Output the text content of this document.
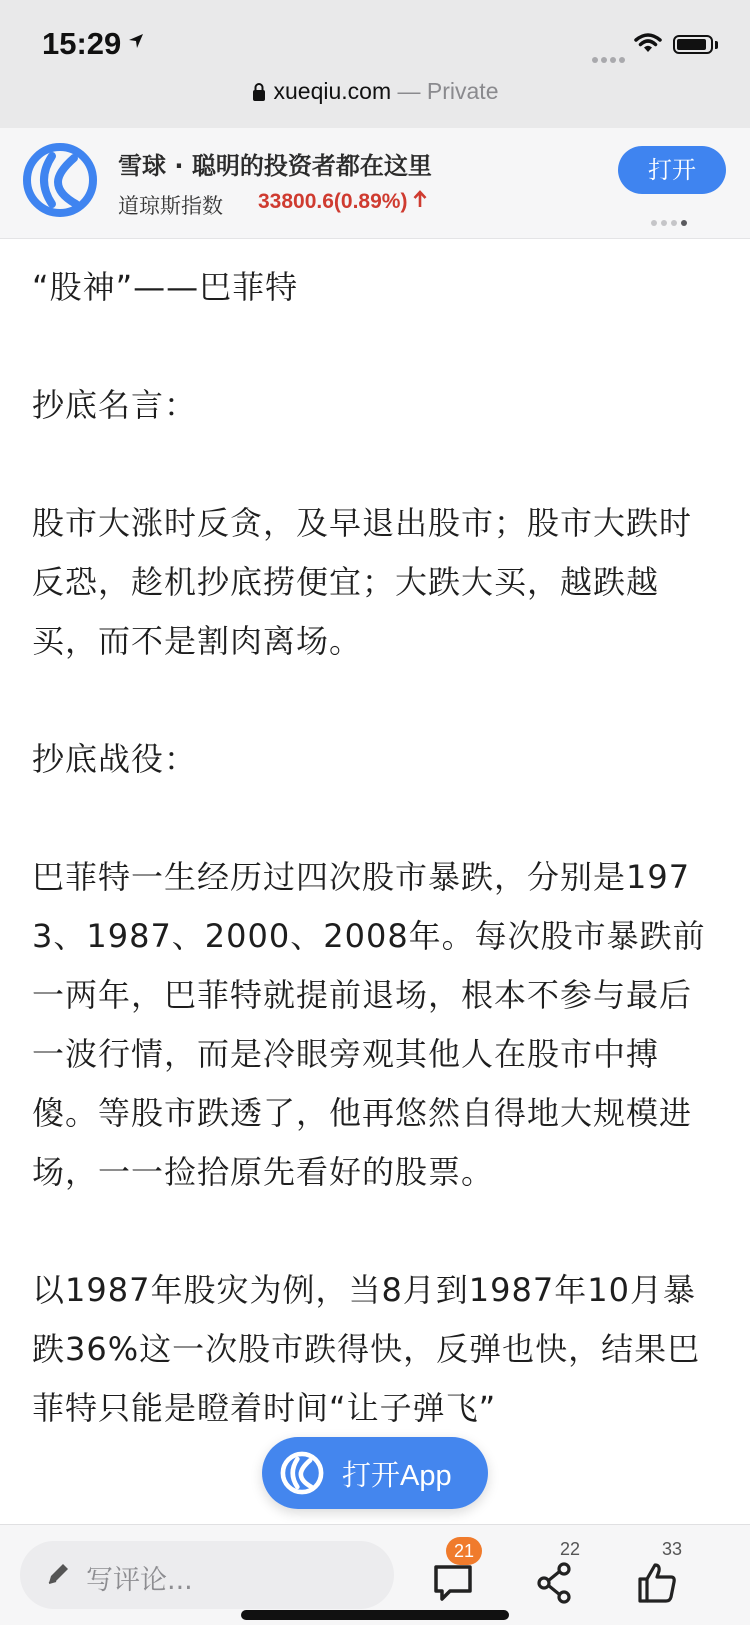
15:29
xueqiu.com — Private
雪球 · 聪明的投资者都在这里
道琼斯指数 33800.6(0.89%)
打开

“股神”——巴菲特

抄底名言：

股市大涨时反贪，及早退出股市；股市大跌时反恐，趁机抄底捞便宜；大跌大买，越跌越买，而不是割肉离场。

抄底战役：

巴菲特一生经历过四次股市暴跌，分别是1973、1987、2000、2008年。每次股市暴跌前一两年，巴菲特就提前退场，根本不参与最后一波行情，而是冷眼旁观其他人在股市中搏傻。等股市跌透了，他再悠然自得地大规模进场，一一捡拾原先看好的股票。

以1987年股灾为例，当8月到1987年10月暴跌36%这一次股市跌得快，反弹也快，结果巴菲特只能是瞪着时间“让子弹飞”

打开App
写评论...
21	22	33
